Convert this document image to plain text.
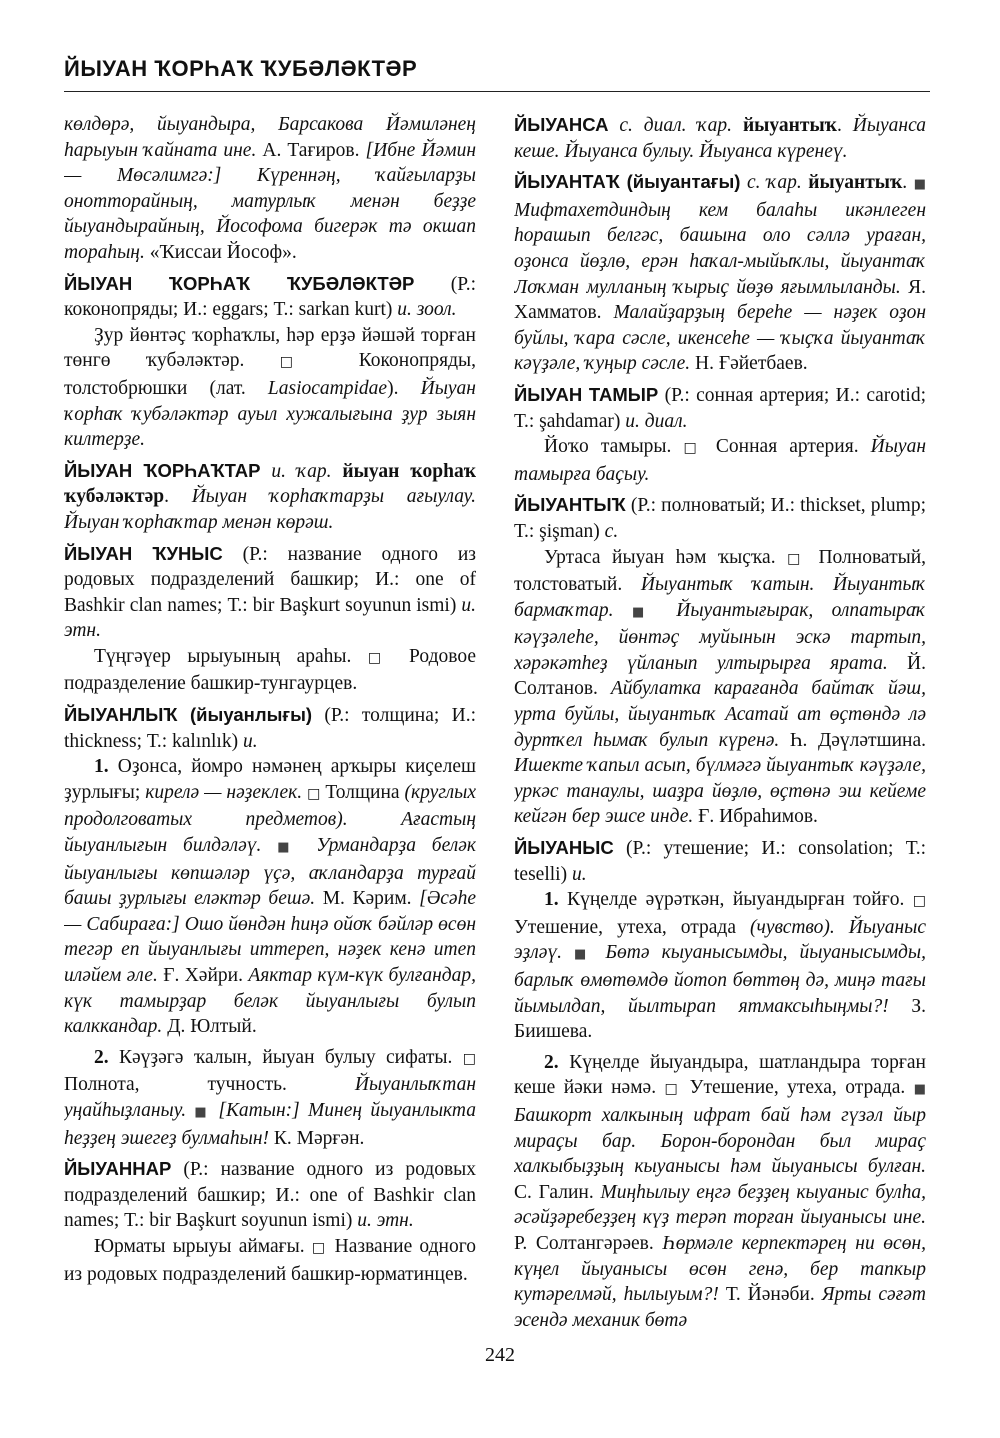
ЙЫУАН ҠОРҺАҠ ҠУБӘЛӘКТӘР

көлдөрә, йыуандыра, Барсакова Йәмиләнең һарыуын ҡайната ине. А. Тағиров. [Ибне Йәмин — Мөсәлимгә:] Күреннәң, ҡайғыларҙы онотторайның, матурлыҡ менән беҙҙе йыуандырайның, Йософома бигерәк тә окшап тораһың. «Ҡиссаи Йософ».

ЙЫУАН ҠОРҺАҠ ҠУБӘЛӘКТӘР (Р.: коконопряды; И.: eggars; Т.: sarkan kurt) и. зоол.

Ҙур йөнтәҫ ҡорһаҡлы, һәр ерҙә йәшәй торған төнгө ҡубәләктәр. □ Коконопряды, толстобрюшки (лат. Lasiocampidae). Йыуан ҡорһаҡ ҡубәләктәр ауыл хужалығына ҙур зыян килтерҙе.

ЙЫУАН ҠОРҺАҠТАР и. ҡар. йыуан ҡорһаҡ ҡубәләктәр. Йыуан ҡорһаҡтарҙы ағыулау. Йыуан ҡорһаҡтар менән көрәш.

ЙЫУАН ҠУНЫС (Р.: название одного из родовых подразделений башкир; И.: one of Bashkir clan names; Т.: bir Başkurt soyunun ismi) и. этн.

Түңгәүер ырыуының араһы. □ Родовое подразделение башкир-тунгаурцев.

ЙЫУАНЛЫҠ (йыуанлығы) (Р.: толщина; И.: thickness; Т.: kalınlık) и.

1. Оҙонса, йомро нәмәнең арҡыры киҫелеш ҙурлығы; кирелә — нәҙеклек. □ Толщина (круглых продолговатых предметов). Ағастың йыуанлығын билдәләү. ■ Урмандарҙа беләк йыуанлығы көпшәләр үҫә, аҡландарҙа турғай башы ҙурлығы еләктәр бешә. М. Кәрим. [Әсәһе — Сабираға:] Ошо йөндән һиңә ойоҡ бәйләр өсөн тегәр еп йыуанлығы иттереп, нәҙек кенә итеп иләйем әле. Ғ. Хәйри. Аяктар күм-күк булғандар, күк тамырҙар беләк йыуанлығы булып калккандар. Д. Юлтый.

2. Кәүҙәгә ҡалын, йыуан булыу сифаты. □ Полнота, тучность. Йыуанлыҡтан уңайһыҙланыу. ■ [Катын:] Минең йыуанлыкта һеҙҙең эшегеҙ булмаһын! К. Мәрғән.

ЙЫУАННАР (Р.: название одного из родовых подразделений башкир; И.: one of Bashkir clan names; Т.: bir Başkurt soyunun ismi) и. этн.

Юрматы ырыуы аймағы. □ Название одного из родовых подразделений башкир-юрматинцев.

ЙЫУАНСА с. диал. ҡар. йыуантыҡ. Йыуанса кеше. Йыуанса булыу. Йыуанса күренеү.

ЙЫУАНТАҠ (йыуантағы) с. ҡар. йыуантыҡ. ■ Мифтахетдиндың кем балаһы икәнлеген һорашып белгәс, башына оло сәллә ураған, оҙонса йөҙлө, ерән һаҡал-мыйыҡлы, йыуантаҡ Лоҡман мулланың ҡырыҫ йөҙө яғымлыланды. Я. Хамматов. Малайҙарҙың береһе — нәҙек оҙон буйлы, ҡара сәсле, икенсеһе — ҡыҫҡа йыуантаҡ кәүҙәле, ҡуңыр сәсле. Н. Ғәйетбаев.

ЙЫУАН ТАМЫР (Р.: сонная артерия; И.: carotid; Т.: şahdamar) и. диал.

Йоҡо тамыры. □ Сонная артерия. Йыуан тамырға баҫыу.

ЙЫУАНТЫҠ (Р.: полноватый; И.: thickset, plump; Т.: şişman) с.

Уртаса йыуан һәм ҡыҫҡа. □ Полноватый, толстоватый. Йыуантыҡ ҡатын. Йыуантыҡ бармаҡтар. ■ Йыуантығырак, олпатыраҡ кәүҙәлеһе, йөнтәҫ муйынын эскә тартып, хәрәкәтһеҙ үйланып ултырырға ярата. Й. Солтанов. Айбулатка карағанда байтаҡ йәш, урта буйлы, йыуантыҡ Асатай ат өҫтөндә лә дуртҡел һымаҡ булып күренә. Һ. Дәүләтшина. Ишекте ҡапыл асып, бүлмәгә йыуантыҡ кәүҙәле, уркәс танаулы, шаҙра йөҙлө, өҫтөнә эш кейеме кейгән бер эшсе инде. Ғ. Ибраһимов.

ЙЫУАНЫС (Р.: утешение; И.: consolation; Т.: teselli) и.

1. Күңелде әүрәткән, йыуандырған тойғо. □ Утешение, утеха, отрада (чувство). Йыуаныс эҙләү. ■ Бөтә кыуанысымды, йыуанысымды, барлыҡ өмөтөмдө йотоп бөттөң дә, миңә тағы йымылдап, йылтырап ятмаксыһыңмы?! З. Биишева.

2. Күңелде йыуандыра, шатландыра торған кеше йәки нәмә. □ Утешение, утеха, отрада. ■ Башкорт халкының ифрат бай һәм гүзәл йыр мираҫы бар. Борон-борондан был мираҫ халкыбыҙҙың кыуанысы һәм йыуанысы булған. С. Галин. Миңһылыу еңгә беҙҙең кыуаныс булһа, әсәйҙәребеҙҙең күҙ терәп торған йыуанысы ине. Р. Солтангәрәев. Һөрмәле керпектәрең ни өсөн, күңел йыуанысы өсөн генә, бер тапкыр кутәрелмәй, һылыуым?! Т. Йәнәби. Ярты сәғәт эсендә механик бөтә

242
